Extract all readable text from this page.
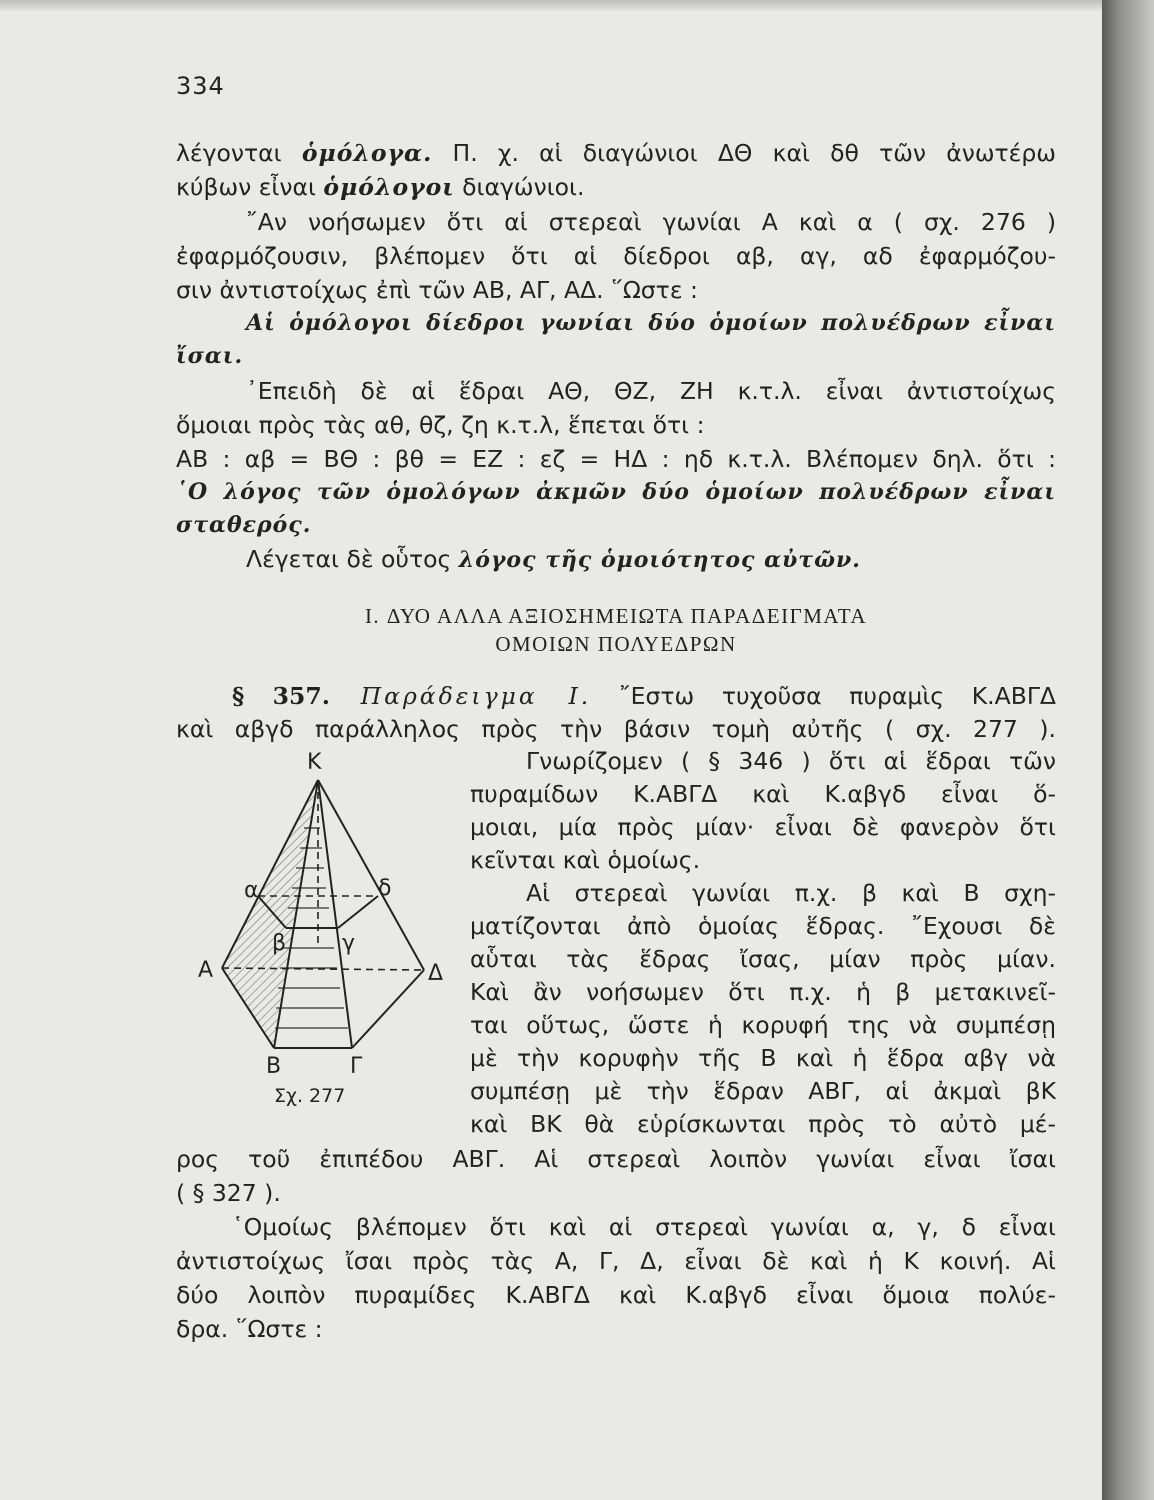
334
λέγονται ὁμόλογα. Π. χ. αἱ διαγώνιοι ΔΘ καὶ δθ τῶν ἀνωτέρω
κύβων εἶναι ὁμόλογοι διαγώνιοι.
῎Αν νοήσωμεν ὅτι αἱ στερεαὶ γωνίαι Α καὶ α ( σχ. 276 )
ἐφαρμόζουσιν, βλέπομεν ὅτι αἱ δίεδροι αβ, αγ, αδ ἐφαρμόζου-
σιν ἀντιστοίχως ἐπὶ τῶν ΑΒ, ΑΓ, ΑΔ. ῞Ωστε :
Αἱ ὁμόλογοι δίεδροι γωνίαι δύο ὁμοίων πολυέδρων εἶναι
ἴσαι.
᾿Επειδὴ δὲ αἱ ἕδραι ΑΘ, ΘΖ, ΖΗ κ.τ.λ. εἶναι ἀντιστοίχως
ὅμοιαι πρὸς τὰς αθ, θζ, ζη κ.τ.λ, ἕπεται ὅτι :
ΑΒ : αβ = ΒΘ : βθ = ΕΖ : εζ = ΗΔ : ηδ κ.τ.λ. Βλέπομεν δηλ. ὅτι :
῾Ο λόγος τῶν ὁμολόγων ἀκμῶν δύο ὁμοίων πολυέδρων εἶναι
σταθερός.
Λέγεται δὲ οὗτος λόγος τῆς ὁμοιότητος αὐτῶν.
I. ΔΥΟ ΑΛΛΑ ΑΞΙΟΣΗΜΕΙΩΤΑ ΠΑΡΑΔΕΙΓΜΑΤΑ
ΟΜΟΙΩΝ ΠΟΛΥΕΔΡΩΝ
§ 357. Παράδειγμα Ι. ῎Εστω τυχοῦσα πυραμὶς Κ.ΑΒΓΔ
καὶ αβγδ παράλληλος πρὸς τὴν βάσιν τομὴ αὐτῆς ( σχ. 277 ).
Γνωρίζομεν ( § 346 ) ὅτι αἱ ἕδραι τῶν
πυραμίδων Κ.ΑΒΓΔ καὶ Κ.αβγδ εἶναι ὅ-
μοιαι, μία πρὸς μίαν· εἶναι δὲ φανερὸν ὅτι
κεῖνται καὶ ὁμοίως.
Αἱ στερεαὶ γωνίαι π.χ. β καὶ Β σχη-
ματίζονται ἀπὸ ὁμοίας ἕδρας. ῎Εχουσι δὲ
αὗται τὰς ἕδρας ἴσας, μίαν πρὸς μίαν.
Καὶ ἂν νοήσωμεν ὅτι π.χ. ἡ β μετακινεῖ-
ται οὕτως, ὥστε ἡ κορυφή της νὰ συμπέσῃ
μὲ τὴν κορυφὴν τῆς Β καὶ ἡ ἕδρα αβγ νὰ
συμπέσῃ μὲ τὴν ἕδραν ΑΒΓ, αἱ ἀκμαὶ βΚ
καὶ ΒΚ θὰ εὑρίσκωνται πρὸς τὸ αὐτὸ μέ-
ρος τοῦ ἐπιπέδου ΑΒΓ. Αἱ στερεαὶ λοιπὸν γωνίαι εἶναι ἴσαι
( § 327 ).
῾Ομοίως βλέπομεν ὅτι καὶ αἱ στερεαὶ γωνίαι α, γ, δ εἶναι
ἀντιστοίχως ἴσαι πρὸς τὰς Α, Γ, Δ, εἶναι δὲ καὶ ἡ Κ κοινή. Αἱ
δύο λοιπὸν πυραμίδες Κ.ΑΒΓΔ καὶ Κ.αβγδ εἶναι ὅμοια πολύε-
δρα. ῞Ωστε :
Κ
α	δ
β	γ
Α	Δ
Β	Γ
Σχ. 277
